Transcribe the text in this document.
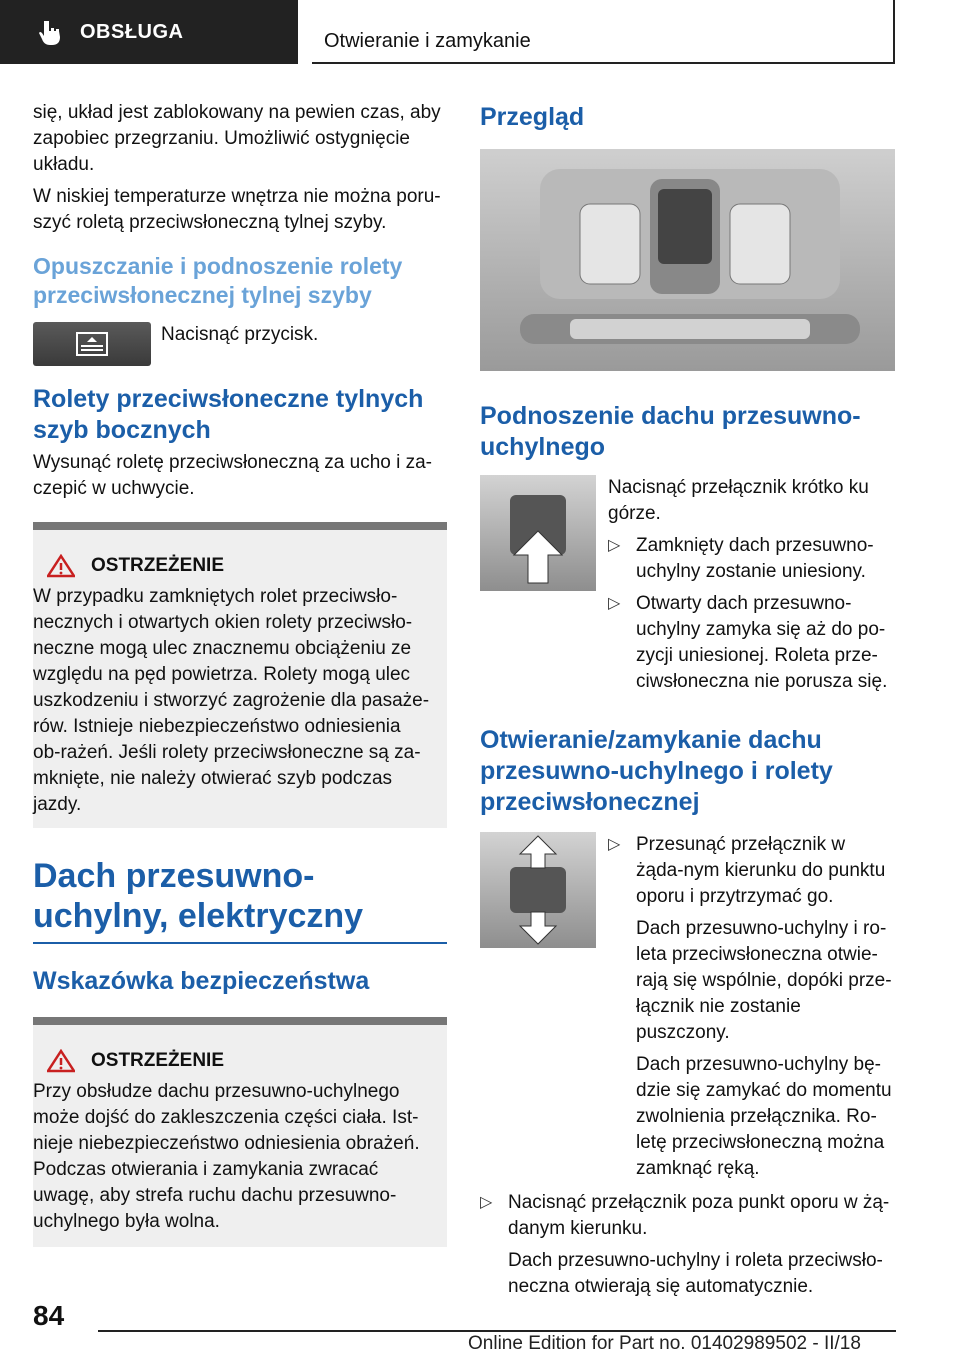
OBSŁUGA	Otwieranie i zamykanie

się, układ jest zablokowany na pewien czas, aby zapobiec przegrzaniu. Umożliwić ostygnięcie układu.

W niskiej temperaturze wnętrza nie można poru-szyć roletą przeciwsłoneczną tylnej szyby.

Opuszczanie i podnoszenie rolety przeciwsłonecznej tylnej szyby

Nacisnąć przycisk.

Rolety przeciwsłoneczne tylnych szyb bocznych

Wysunąć roletę przeciwsłoneczną za ucho i za-czepić w uchwycie.

OSTRZEŻENIE

W przypadku zamkniętych rolet przeciwsło-necznych i otwartych okien rolety przeciwsło-neczne mogą ulec znacznemu obciążeniu ze względu na pęd powietrza. Rolety mogą ulec uszkodzeniu i stworzyć zagrożenie dla pasaże-rów. Istnieje niebezpieczeństwo odniesienia ob-rażeń. Jeśli rolety przeciwsłoneczne są za-mknięte, nie należy otwierać szyb podczas jazdy.

Dach przesuwno-uchylny, elektryczny
Wskazówka bezpieczeństwa
OSTRZEŻENIE

Przy obsłudze dachu przesuwno-uchylnego może dojść do zakleszczenia części ciała. Ist-nieje niebezpieczeństwo odniesienia obrażeń. Podczas otwierania i zamykania zwracać uwagę, aby strefa ruchu dachu przesuwno-uchylnego była wolna.

Przegląd
Podnoszenie dachu przesuwno-uchylnego

Nacisnąć przełącznik krótko ku górze.

▷ Zamknięty dach przesuwno-uchylny zostanie uniesiony.
▷ Otwarty dach przesuwno-uchylny zamyka się aż do po-zycji uniesionej. Roleta prze-ciwsłoneczna nie porusza się.
Otwieranie/zamykanie dachu przesuwno-uchylnego i rolety przeciwsłonecznej
▷ Przesunąć przełącznik w żąda-nym kierunku do punktu oporu i przytrzymać go.

Dach przesuwno-uchylny i ro-leta przeciwsłoneczna otwie-rają się wspólnie, dopóki prze-łącznik nie zostanie puszczony.

Dach przesuwno-uchylny bę-dzie się zamykać do momentu zwolnienia przełącznika. Ro-letę przeciwsłoneczną można zamknąć ręką.

▷ Nacisnąć przełącznik poza punkt oporu w żą-danym kierunku.

Dach przesuwno-uchylny i roleta przeciwsło-neczna otwierają się automatycznie.

84
Online Edition for Part no. 01402989502 - II/18
